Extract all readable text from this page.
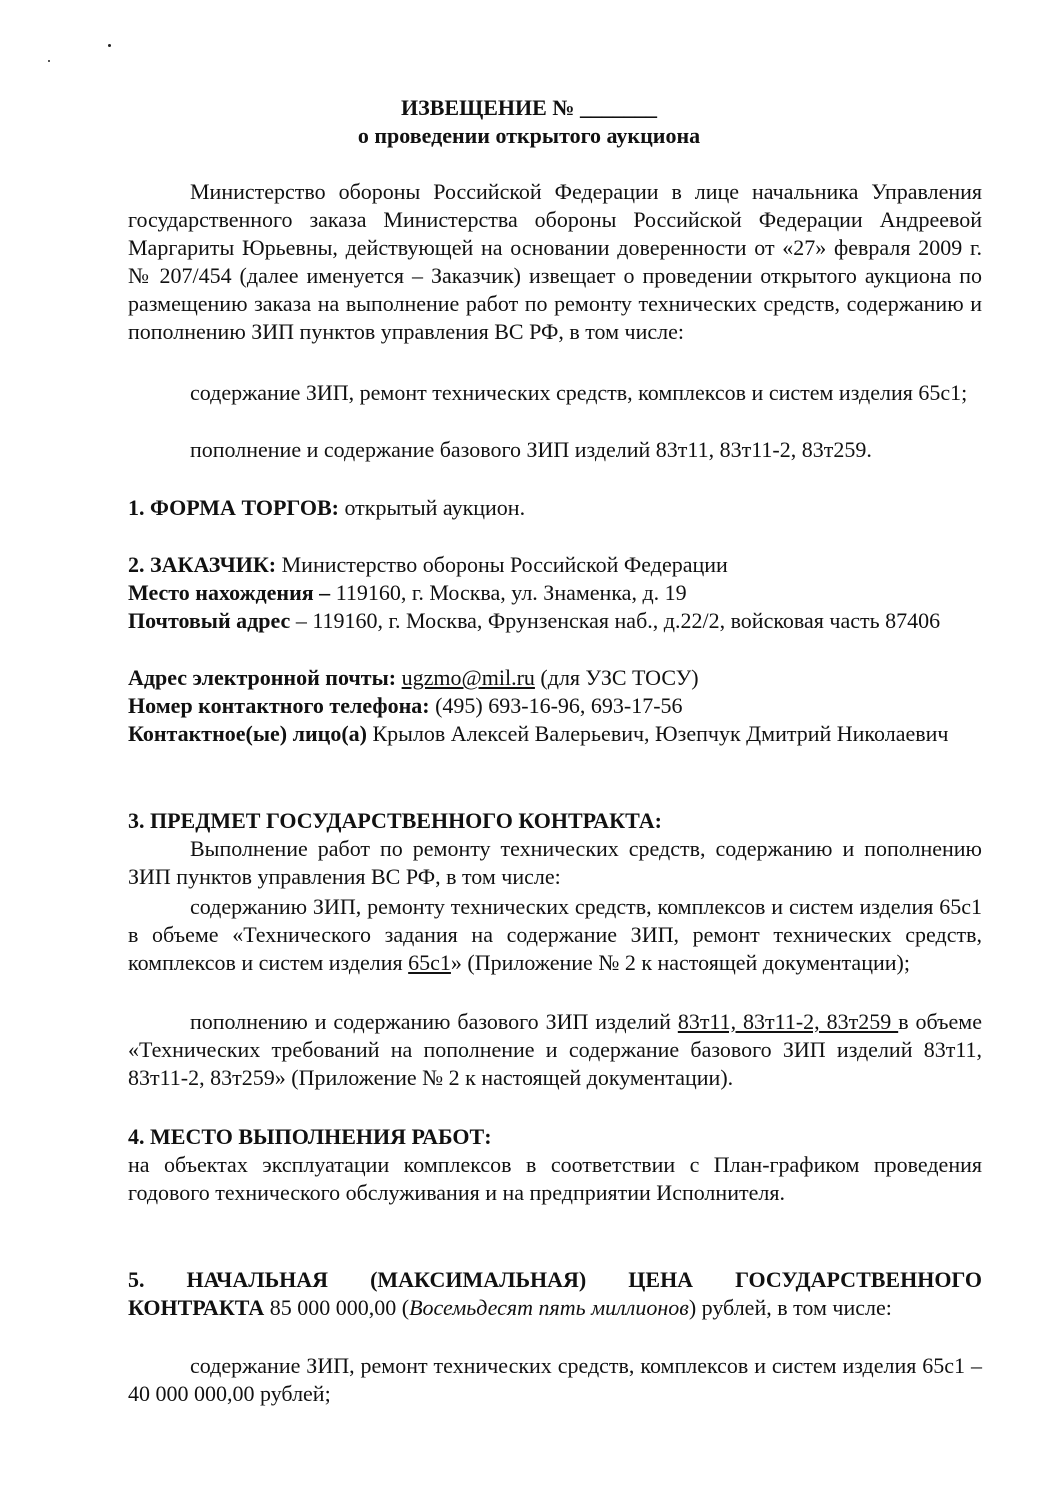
ИЗВЕЩЕНИЕ № _______
о проведении открытого аукциона
Министерство обороны Российской Федерации в лице начальника Управления государственного заказа Министерства обороны Российской Федерации Андреевой Маргариты Юрьевны, действующей на основании доверенности от «27» февраля 2009 г. № 207/454 (далее именуется – Заказчик) извещает о проведении открытого аукциона по размещению заказа на выполнение работ по ремонту технических средств, содержанию и пополнению ЗИП пунктов управления ВС РФ, в том числе:
содержание ЗИП, ремонт технических средств, комплексов и систем изделия 65с1;
пополнение и содержание базового ЗИП изделий 83т11, 83т11-2, 83т259.
1. ФОРМА ТОРГОВ: открытый аукцион.
2. ЗАКАЗЧИК: Министерство обороны Российской Федерации
Место нахождения – 119160, г. Москва, ул. Знаменка, д. 19
Почтовый адрес – 119160, г. Москва, Фрунзенская наб., д.22/2, войсковая часть 87406
Адрес электронной почты: ugzmo@mil.ru (для УЗС ТОСУ)
Номер контактного телефона: (495) 693-16-96, 693-17-56
Контактное(ые) лицо(а) Крылов Алексей Валерьевич, Юзепчук Дмитрий Николаевич
3. ПРЕДМЕТ ГОСУДАРСТВЕННОГО КОНТРАКТА:
Выполнение работ по ремонту технических средств, содержанию и пополнению ЗИП пунктов управления ВС РФ, в том числе:
содержанию ЗИП, ремонту технических средств, комплексов и систем изделия 65с1 в объеме «Технического задания на содержание ЗИП, ремонт технических средств, комплексов и систем изделия 65с1» (Приложение № 2 к настоящей документации);
пополнению и содержанию базового ЗИП изделий 83т11, 83т11-2, 83т259 в объеме «Технических требований на пополнение и содержание базового ЗИП изделий 83т11, 83т11-2, 83т259» (Приложение № 2 к настоящей документации).
4. МЕСТО ВЫПОЛНЕНИЯ РАБОТ:
на объектах эксплуатации комплексов в соответствии с План-графиком проведения годового технического обслуживания и на предприятии Исполнителя.
5. НАЧАЛЬНАЯ (МАКСИМАЛЬНАЯ) ЦЕНА ГОСУДАРСТВЕННОГО
КОНТРАКТА 85 000 000,00 (Восемьдесят пять миллионов) рублей, в том числе:
содержание ЗИП, ремонт технических средств, комплексов и систем изделия 65с1 – 40 000 000,00 рублей;
